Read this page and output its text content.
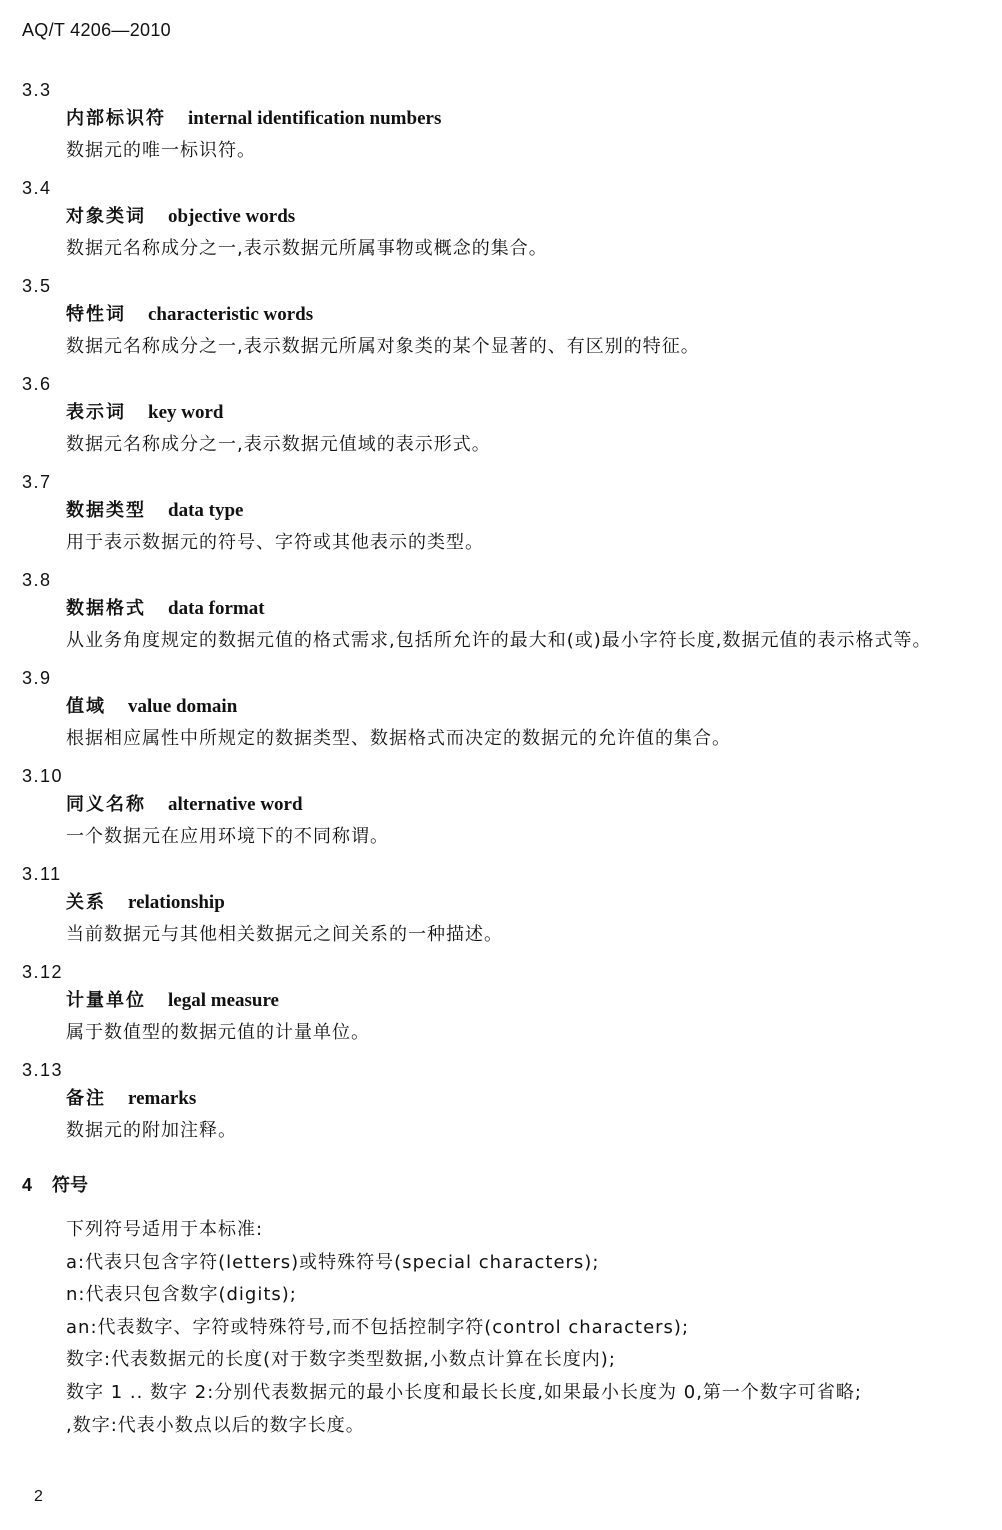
AQ/T 4206—2010
3.3
内部标识符 internal identification numbers
数据元的唯一标识符。
3.4
对象类词 objective words
数据元名称成分之一,表示数据元所属事物或概念的集合。
3.5
特性词 characteristic words
数据元名称成分之一,表示数据元所属对象类的某个显著的、有区别的特征。
3.6
表示词 key word
数据元名称成分之一,表示数据元值域的表示形式。
3.7
数据类型 data type
用于表示数据元的符号、字符或其他表示的类型。
3.8
数据格式 data format
从业务角度规定的数据元值的格式需求,包括所允许的最大和(或)最小字符长度,数据元值的表示格式等。
3.9
值域 value domain
根据相应属性中所规定的数据类型、数据格式而决定的数据元的允许值的集合。
3.10
同义名称 alternative word
一个数据元在应用环境下的不同称谓。
3.11
关系 relationship
当前数据元与其他相关数据元之间关系的一种描述。
3.12
计量单位 legal measure
属于数值型的数据元值的计量单位。
3.13
备注 remarks
数据元的附加注释。
4 符号
下列符号适用于本标准:
a:代表只包含字符(letters)或特殊符号(special characters);
n:代表只包含数字(digits);
an:代表数字、字符或特殊符号,而不包括控制字符(control characters);
数字:代表数据元的长度(对于数字类型数据,小数点计算在长度内);
数字 1 .. 数字 2:分别代表数据元的最小长度和最长长度,如果最小长度为 0,第一个数字可省略;
,数字:代表小数点以后的数字长度。
2
